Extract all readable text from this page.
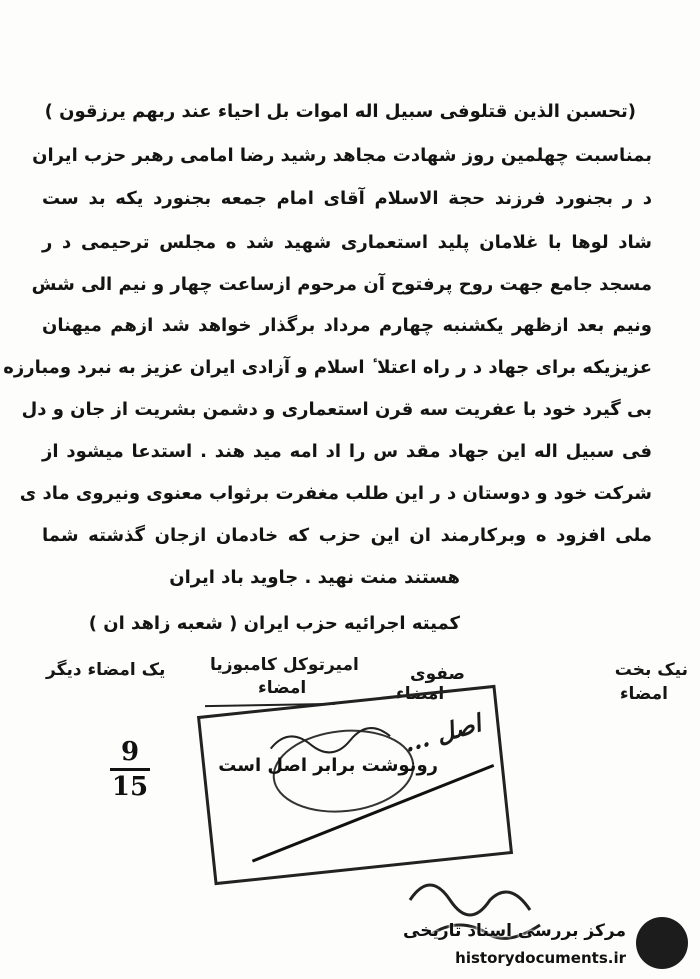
(تحسبن الذین قتلوفی سبیل اله اموات بل احیاء عند ربهم یرزقون )
بمناسبت چهلمین روز شهادت مجاهد رشید رضا امامی رهبر حزب ایران
د ر بجنورد فرزند حجة الاسلام آقای امام جمعه بجنورد یکه بد ست
شاد لوها با غلامان پلید استعماری شهید شد ه مجلس ترحیمی د ر
مسجد جامع جهت روح پرفتوح آن مرحوم ازساعت چهار و نیم الی شش
ونیم بعد ازظهر یکشنبه چهارم مرداد برگذار خواهد شد ازهم میهنان
عزیزیکه برای جهاد د ر راه اعتلا ٔ اسلام و آزادی ایران عزیز به نبرد ومبارزه
بی گیرد خود با عفریت سه قرن استعماری و دشمن بشریت از جان و دل
فی سبیل اله این جهاد مقد س را اد امه مید هند . استدعا میشود از
شرکت خود و دوستان د ر این طلب مغفرت برثواب معنوی ونیروی ماد ی
ملی افزود ه وبرکارمند ان این حزب که خادمان ازجان گذشته شما
هستند منت نهید . جاوید باد ایران
کمیته اجرائیه حزب ایران ( شعبه زاهد ان )
نیک بخت
امضاء
صفوی
امضاء
امیرتوکل کامبوزیا
امضاء
یک امضاء دیگر
اصل ...
رونوشت برابر اصل است
9
15
مرکز بررسی اسناد تاریخی
historydocuments.ir
